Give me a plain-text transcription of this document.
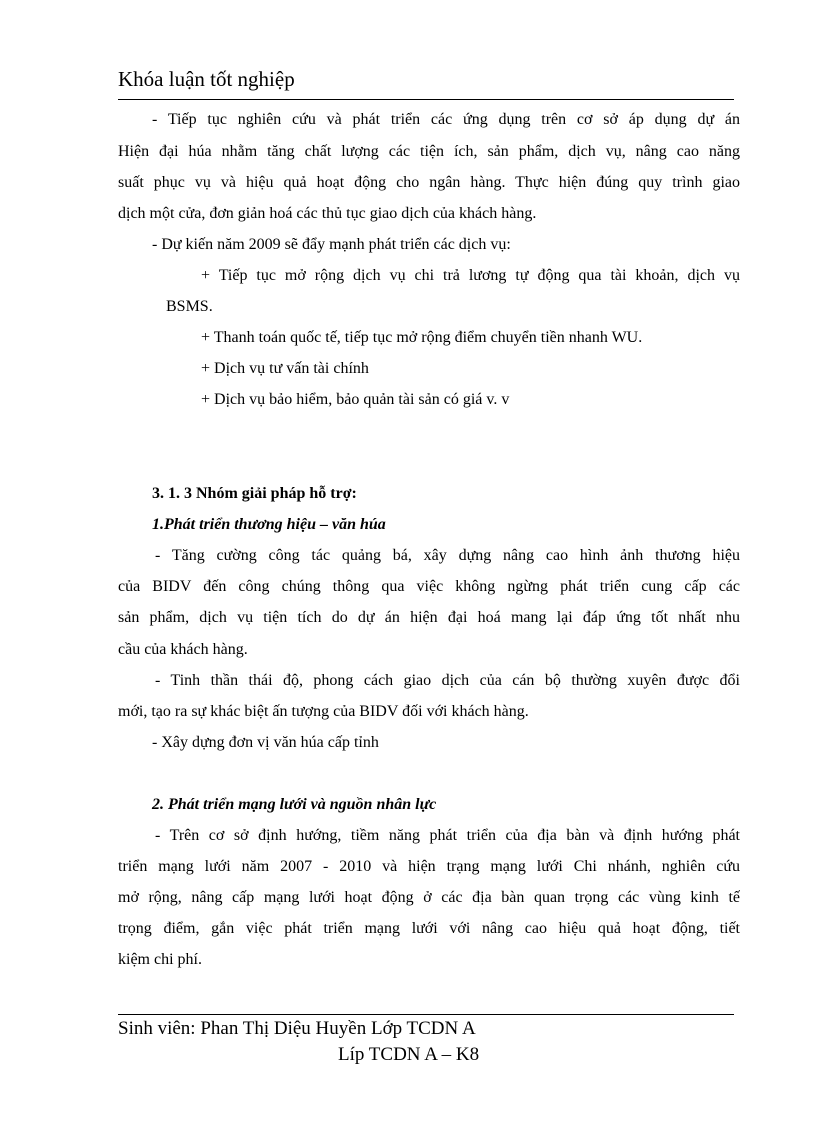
Khóa luận tốt nghiệp
- Tiếp tục nghiên cứu và phát triển các ứng dụng trên cơ sở áp dụng dự án
Hiện đại húa nhằm tăng chất lượng các tiện ích, sản phẩm, dịch vụ, nâng cao năng
suất phục vụ và hiệu quả hoạt động cho ngân hàng. Thực hiện đúng quy trình giao
dịch một cửa, đơn giản hoá các thủ tục giao dịch của khách hàng.
- Dự kiến năm 2009 sẽ đẩy mạnh phát triển các dịch vụ:
+ Tiếp tục mở rộng dịch vụ chi trả lương tự động qua tài khoản, dịch vụ
BSMS.
+ Thanh toán quốc tế, tiếp tục mở rộng điểm chuyển tiền nhanh WU.
+ Dịch vụ tư vấn tài chính
+ Dịch vụ bảo hiểm, bảo quản tài sản có giá v. v
3. 1. 3 Nhóm giải pháp hỗ trợ:
1.Phát triển thương hiệu – văn húa
- Tăng cường công tác quảng bá, xây dựng nâng cao hình ảnh thương hiệu
của BIDV đến công chúng thông qua việc không ngừng phát triển cung cấp các
sản phẩm, dịch vụ tiện tích do dự án hiện đại hoá mang lại đáp ứng tốt nhất nhu
cầu của khách hàng.
- Tinh thần thái độ, phong cách giao dịch của cán bộ thường xuyên được đổi
mới, tạo ra sự khác biệt ấn tượng của BIDV đối với khách hàng.
- Xây dựng đơn vị văn húa cấp tỉnh
2. Phát triển mạng lưới và nguồn nhân lực
- Trên cơ sở định hướng, tiềm năng phát triển của địa bàn và định hướng phát
triển mạng lưới năm 2007 - 2010 và hiện trạng mạng lưới Chi nhánh, nghiên cứu
mở rộng, nâng cấp mạng lưới hoạt động ở các địa bàn quan trọng các vùng kinh tế
trọng điểm, gắn việc phát triển mạng lưới với nâng cao hiệu quả hoạt động, tiết
kiệm chi phí.
Sinh viên: Phan Thị Diệu Huyền Lớp TCDN A
Líp TCDN A – K8
